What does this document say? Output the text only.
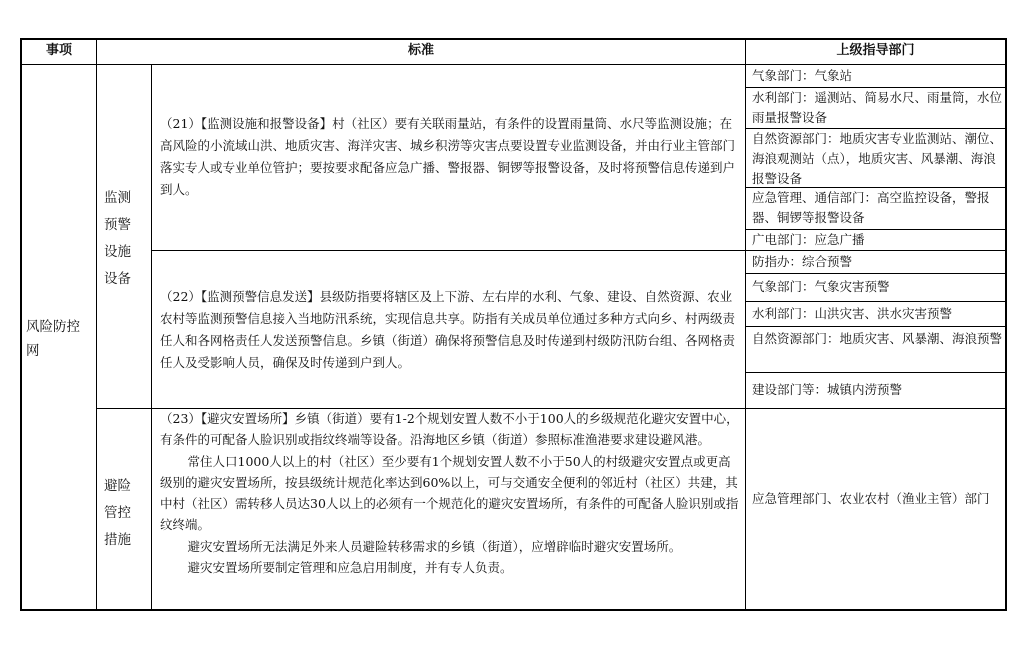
事项	标准	上级指导部门
风险防控网
监测
预警
设施
设备
避险
管控
措施

（21）【监测设施和报警设备】村（社区）要有关联雨量站，有条件的设置雨量筒、水尺等监测设施；在高风险的小流域山洪、地质灾害、海洋灾害、城乡积涝等灾害点要设置专业监测设备，并由行业主管部门落实专人或专业单位管护；要按要求配备应急广播、警报器、铜锣等报警设备，及时将预警信息传递到户到人。

（22）【监测预警信息发送】县级防指要将辖区及上下游、左右岸的水利、气象、建设、自然资源、农业农村等监测预警信息接入当地防汛系统，实现信息共享。防指有关成员单位通过多种方式向乡、村两级责任人和各网格责任人发送预警信息。乡镇（街道）确保将预警信息及时传递到村级防汛防台组、各网格责任人及受影响人员，确保及时传递到户到人。

（23）【避灾安置场所】乡镇（街道）要有1-2个规划安置人数不小于100人的乡级规范化避灾安置中心，有条件的可配备人脸识别或指纹终端等设备。沿海地区乡镇（街道）参照标准渔港要求建设避风港。

常住人口1000人以上的村（社区）至少要有1个规划安置人数不小于50人的村级避灾安置点或更高级别的避灾安置场所，按县级统计规范化率达到60%以上，可与交通安全便利的邻近村（社区）共建，其中村（社区）需转移人员达30人以上的必须有一个规范化的避灾安置场所，有条件的可配备人脸识别或指纹终端。

避灾安置场所无法满足外来人员避险转移需求的乡镇（街道），应增辟临时避灾安置场所。

避灾安置场所要制定管理和应急启用制度，并有专人负责。

气象部门：气象站
水利部门：遥测站、简易水尺、雨量筒，水位雨量报警设备
自然资源部门：地质灾害专业监测站、潮位、海浪观测站（点），地质灾害、风暴潮、海浪报警设备
应急管理、通信部门：高空监控设备，警报器、铜锣等报警设备
广电部门：应急广播
防指办：综合预警
气象部门：气象灾害预警
水利部门：山洪灾害、洪水灾害预警
自然资源部门：地质灾害、风暴潮、海浪预警
建设部门等：城镇内涝预警
应急管理部门、农业农村（渔业主管）部门
